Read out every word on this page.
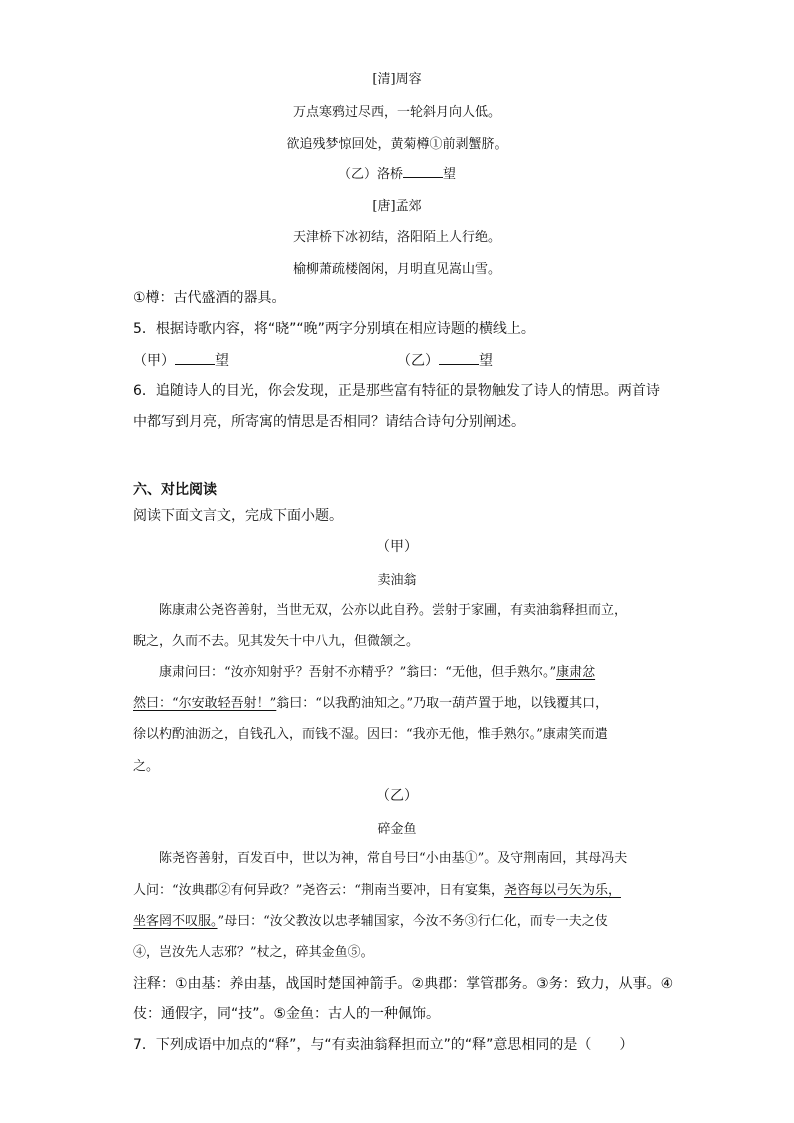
[清]周容
万点寒鸦过尽西，一轮斜月向人低。
欲追残梦惊回处，黄菊樽①前剥蟹脐。
（乙）洛桥	望
[唐]孟郊
天津桥下冰初结，洛阳陌上人行绝。
榆柳萧疏楼阁闲，月明直见嵩山雪。
①樽：古代盛酒的器具。
5．根据诗歌内容，将“晓”“晚”两字分别填在相应诗题的横线上。
（甲）	望	（乙）	望
6．追随诗人的目光，你会发现，正是那些富有特征的景物触发了诗人的情思。两首诗
中都写到月亮，所寄寓的情思是否相同？请结合诗句分别阐述。
六、对比阅读
阅读下面文言文，完成下面小题。
（甲）
卖油翁
陈康肃公尧咨善射，当世无双，公亦以此自矜。尝射于家圃，有卖油翁释担而立，
睨之，久而不去。见其发矢十中八九，但微颔之。
康肃问曰：“汝亦知射乎？吾射不亦精乎？”翁曰：“无他，但手熟尔。”康肃忿
然曰：“尔安敢轻吾射！”翁曰：“以我酌油知之。”乃取一葫芦置于地，以钱覆其口，
徐以杓酌油沥之，自钱孔入，而钱不湿。因曰：“我亦无他，惟手熟尔。”康肃笑而遣
之。
（乙）
碎金鱼
陈尧咨善射，百发百中，世以为神，常自号曰“小由基①”。及守荆南回，其母冯夫
人问：“汝典郡②有何异政？”尧咨云：“荆南当要冲，日有宴集，尧咨每以弓矢为乐，
坐客罔不叹服。”母曰：“汝父教汝以忠孝辅国家，今汝不务③行仁化，而专一夫之伎
④，岂汝先人志邪？”杖之，碎其金鱼⑤。
注释：①由基：养由基，战国时楚国神箭手。②典郡：掌管郡务。③务：致力，从事。④
伎：通假字，同“技”。⑤金鱼：古人的一种佩饰。
7．下列成语中加点的“释”，与“有卖油翁释担而立”的“释”意思相同的是（　　）
